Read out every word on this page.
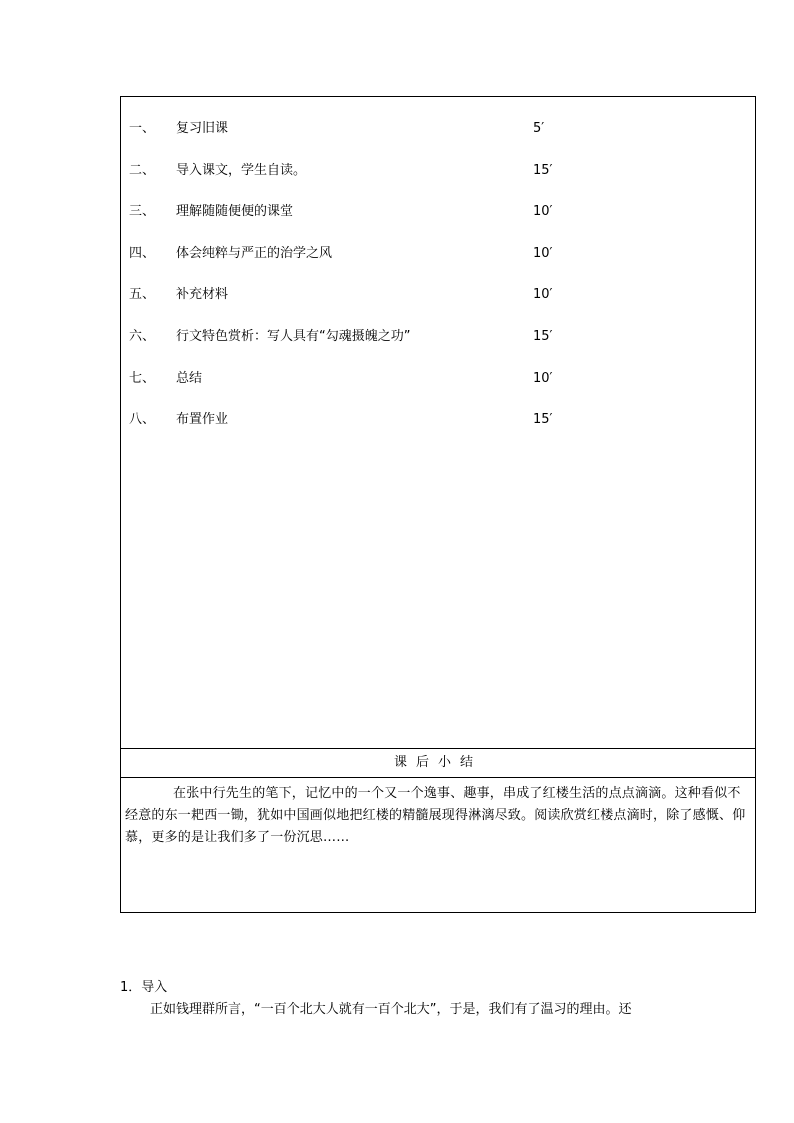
一、 复习旧课	5′
二、 导入课文，学生自读。	15′
三、 理解随随便便的课堂	10′
四、 体会纯粹与严正的治学之风	10′
五、 补充材料	10′
六、 行文特色赏析：写人具有“勾魂摄魄之功”	15′
七、 总结	10′
八、 布置作业	15′
课后小结
在张中行先生的笔下，记忆中的一个又一个逸事、趣事，串成了红楼生活的点点滴滴。这种看似不经意的东一耙西一锄，犹如中国画似地把红楼的精髓展现得淋漓尽致。阅读欣赏红楼点滴时，除了感慨、仰慕，更多的是让我们多了一份沉思……
1．导入
正如钱理群所言，“一百个北大人就有一百个北大”，于是，我们有了温习的理由。还
